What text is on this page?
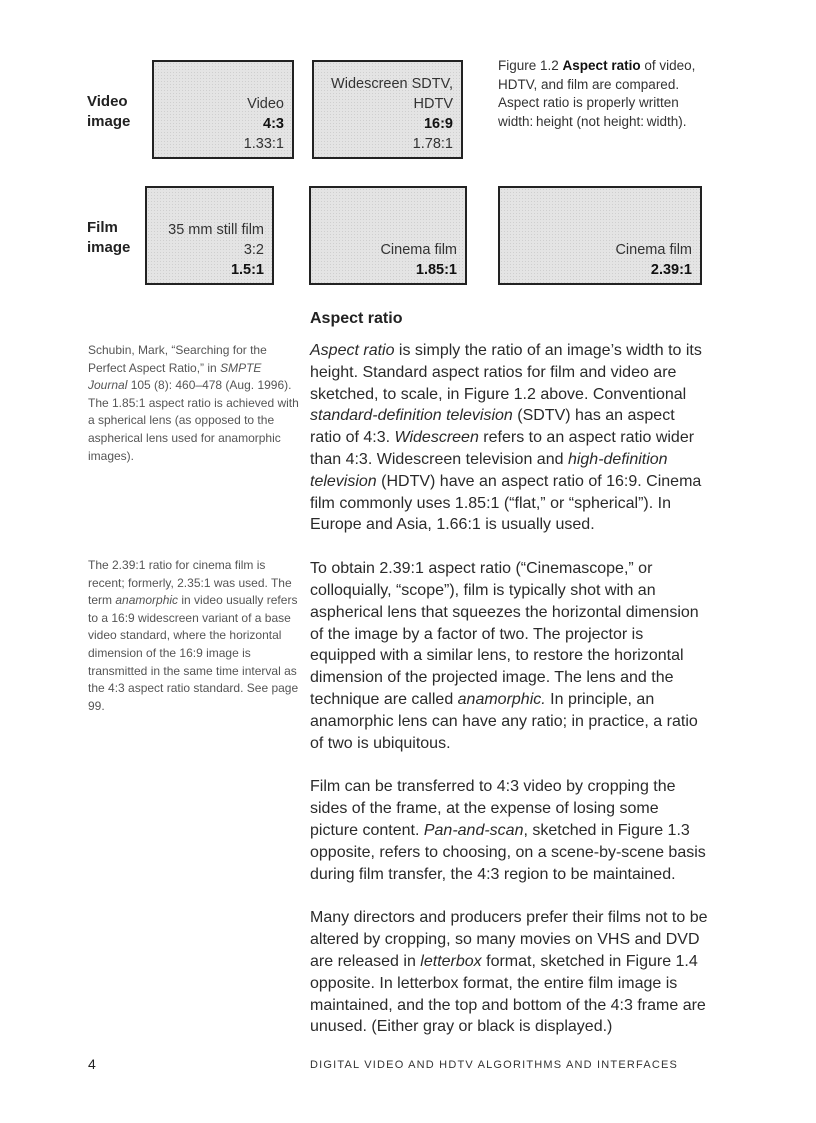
Video
image
Film
image
Video
4:3
1.33:1
Widescreen SDTV,
HDTV
16:9
1.78:1
35 mm still film
3:2
1.5:1
Cinema film
1.85:1
Cinema film
2.39:1
Figure 1.2 Aspect ratio of video, HDTV, and film are compared. Aspect ratio is properly written width: height (not height: width).
Aspect ratio

Aspect ratio is simply the ratio of an image’s width to its height. Standard aspect ratios for film and video are sketched, to scale, in Figure 1.2 above. Conventional standard-definition television (SDTV) has an aspect ratio of 4:3. Widescreen refers to an aspect ratio wider than 4:3. Widescreen television and high-definition television (HDTV) have an aspect ratio of 16:9. Cinema film commonly uses 1.85:1 (“flat,” or “spherical”). In Europe and Asia, 1.66:1 is usually used.

To obtain 2.39:1 aspect ratio (“Cinemascope,” or colloquially, “scope”), film is typically shot with an aspherical lens that squeezes the horizontal dimension of the image by a factor of two. The projector is equipped with a similar lens, to restore the horizontal dimension of the projected image. The lens and the technique are called anamorphic. In principle, an anamorphic lens can have any ratio; in practice, a ratio of two is ubiquitous.

Film can be transferred to 4:3 video by cropping the sides of the frame, at the expense of losing some picture content. Pan-and-scan, sketched in Figure 1.3 opposite, refers to choosing, on a scene-by-scene basis during film transfer, the 4:3 region to be maintained.

Many directors and producers prefer their films not to be altered by cropping, so many movies on VHS and DVD are released in letterbox format, sketched in Figure 1.4 opposite. In letterbox format, the entire film image is maintained, and the top and bottom of the 4:3 frame are unused. (Either gray or black is displayed.)

Schubin, Mark, “Searching for the Perfect Aspect Ratio,” in SMPTE Journal 105 (8): 460–478 (Aug. 1996). The 1.85:1 aspect ratio is achieved with a spherical lens (as opposed to the aspherical lens used for anamorphic images).
The 2.39:1 ratio for cinema film is recent; formerly, 2.35:1 was used. The term anamorphic in video usually refers to a 16:9 widescreen variant of a base video standard, where the horizontal dimension of the 16:9 image is transmitted in the same time interval as the 4:3 aspect ratio standard. See page 99.
4	DIGITAL VIDEO AND HDTV ALGORITHMS AND INTERFACES
